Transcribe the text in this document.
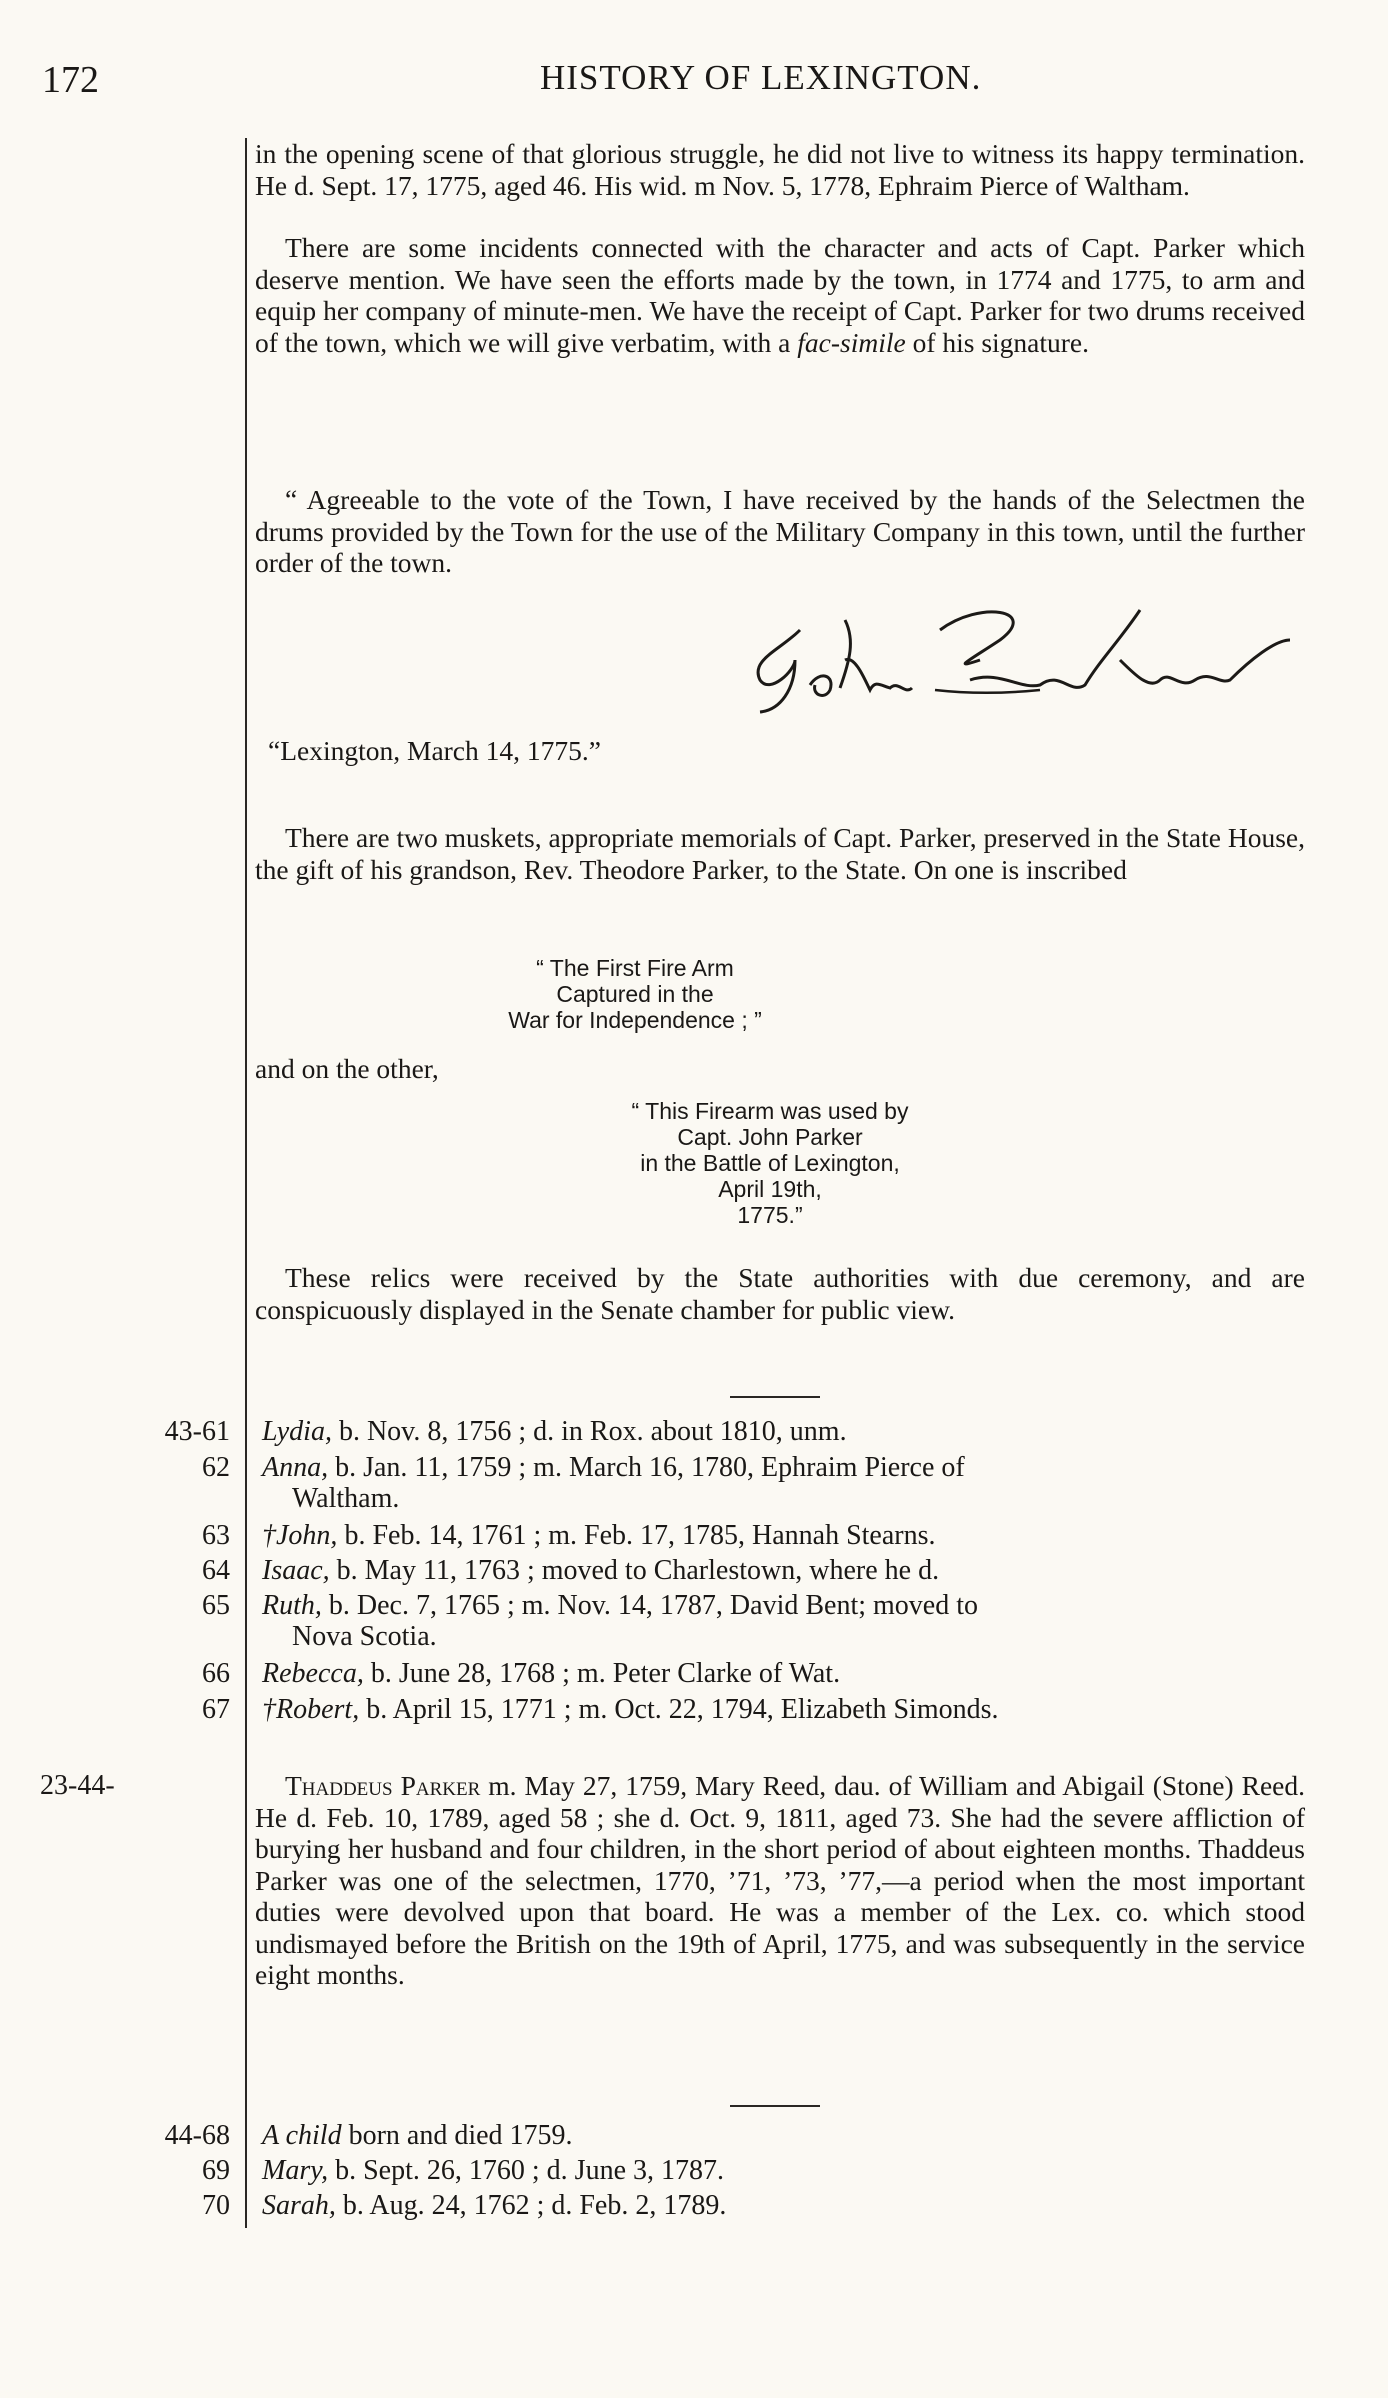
172	HISTORY OF LEXINGTON.
in the opening scene of that glorious struggle, he did not live to witness its happy termination. He d. Sept. 17, 1775, aged 46. His wid. m Nov. 5, 1778, Ephraim Pierce of Waltham.
There are some incidents connected with the character and acts of Capt. Parker which deserve mention. We have seen the efforts made by the town, in 1774 and 1775, to arm and equip her company of minute-men. We have the receipt of Capt. Parker for two drums received of the town, which we will give verbatim, with a fac-simile of his signature.
“ Agreeable to the vote of the Town, I have received by the hands of the Selectmen the drums provided by the Town for the use of the Military Company in this town, until the further order of the town.
“Lexington, March 14, 1775.”
There are two muskets, appropriate memorials of Capt. Parker, preserved in the State House, the gift of his grandson, Rev. Theodore Parker, to the State. On one is inscribed
“ The First Fire Arm
Captured in the
War for Independence ; ”
and on the other,
“ This Firearm was used by
Capt. John Parker
in the Battle of Lexington,
April 19th,
1775.”
These relics were received by the State authorities with due ceremony, and are conspicuously displayed in the Senate chamber for public view.
43-61 Lydia, b. Nov. 8, 1756 ; d. in Rox. about 1810, unm.
62 Anna, b. Jan. 11, 1759 ; m. March 16, 1780, Ephraim Pierce of
Waltham.
63 †John, b. Feb. 14, 1761 ; m. Feb. 17, 1785, Hannah Stearns.
64 Isaac, b. May 11, 1763 ; moved to Charlestown, where he d.
65 Ruth, b. Dec. 7, 1765 ; m. Nov. 14, 1787, David Bent; moved to
Nova Scotia.
66 Rebecca, b. June 28, 1768 ; m. Peter Clarke of Wat.
67 †Robert, b. April 15, 1771 ; m. Oct. 22, 1794, Elizabeth Simonds.
23-44-	Thaddeus Parker m. May 27, 1759, Mary Reed, dau. of William and Abigail (Stone) Reed. He d. Feb. 10, 1789, aged 58 ; she d. Oct. 9, 1811, aged 73. She had the severe affliction of burying her husband and four children, in the short period of about eighteen months. Thaddeus Parker was one of the selectmen, 1770, ’71, ’73, ’77,—a period when the most important duties were devolved upon that board. He was a member of the Lex. co. which stood undismayed before the British on the 19th of April, 1775, and was subsequently in the service eight months.
44-68 A child born and died 1759.
69 Mary, b. Sept. 26, 1760 ; d. June 3, 1787.
70 Sarah, b. Aug. 24, 1762 ; d. Feb. 2, 1789.
